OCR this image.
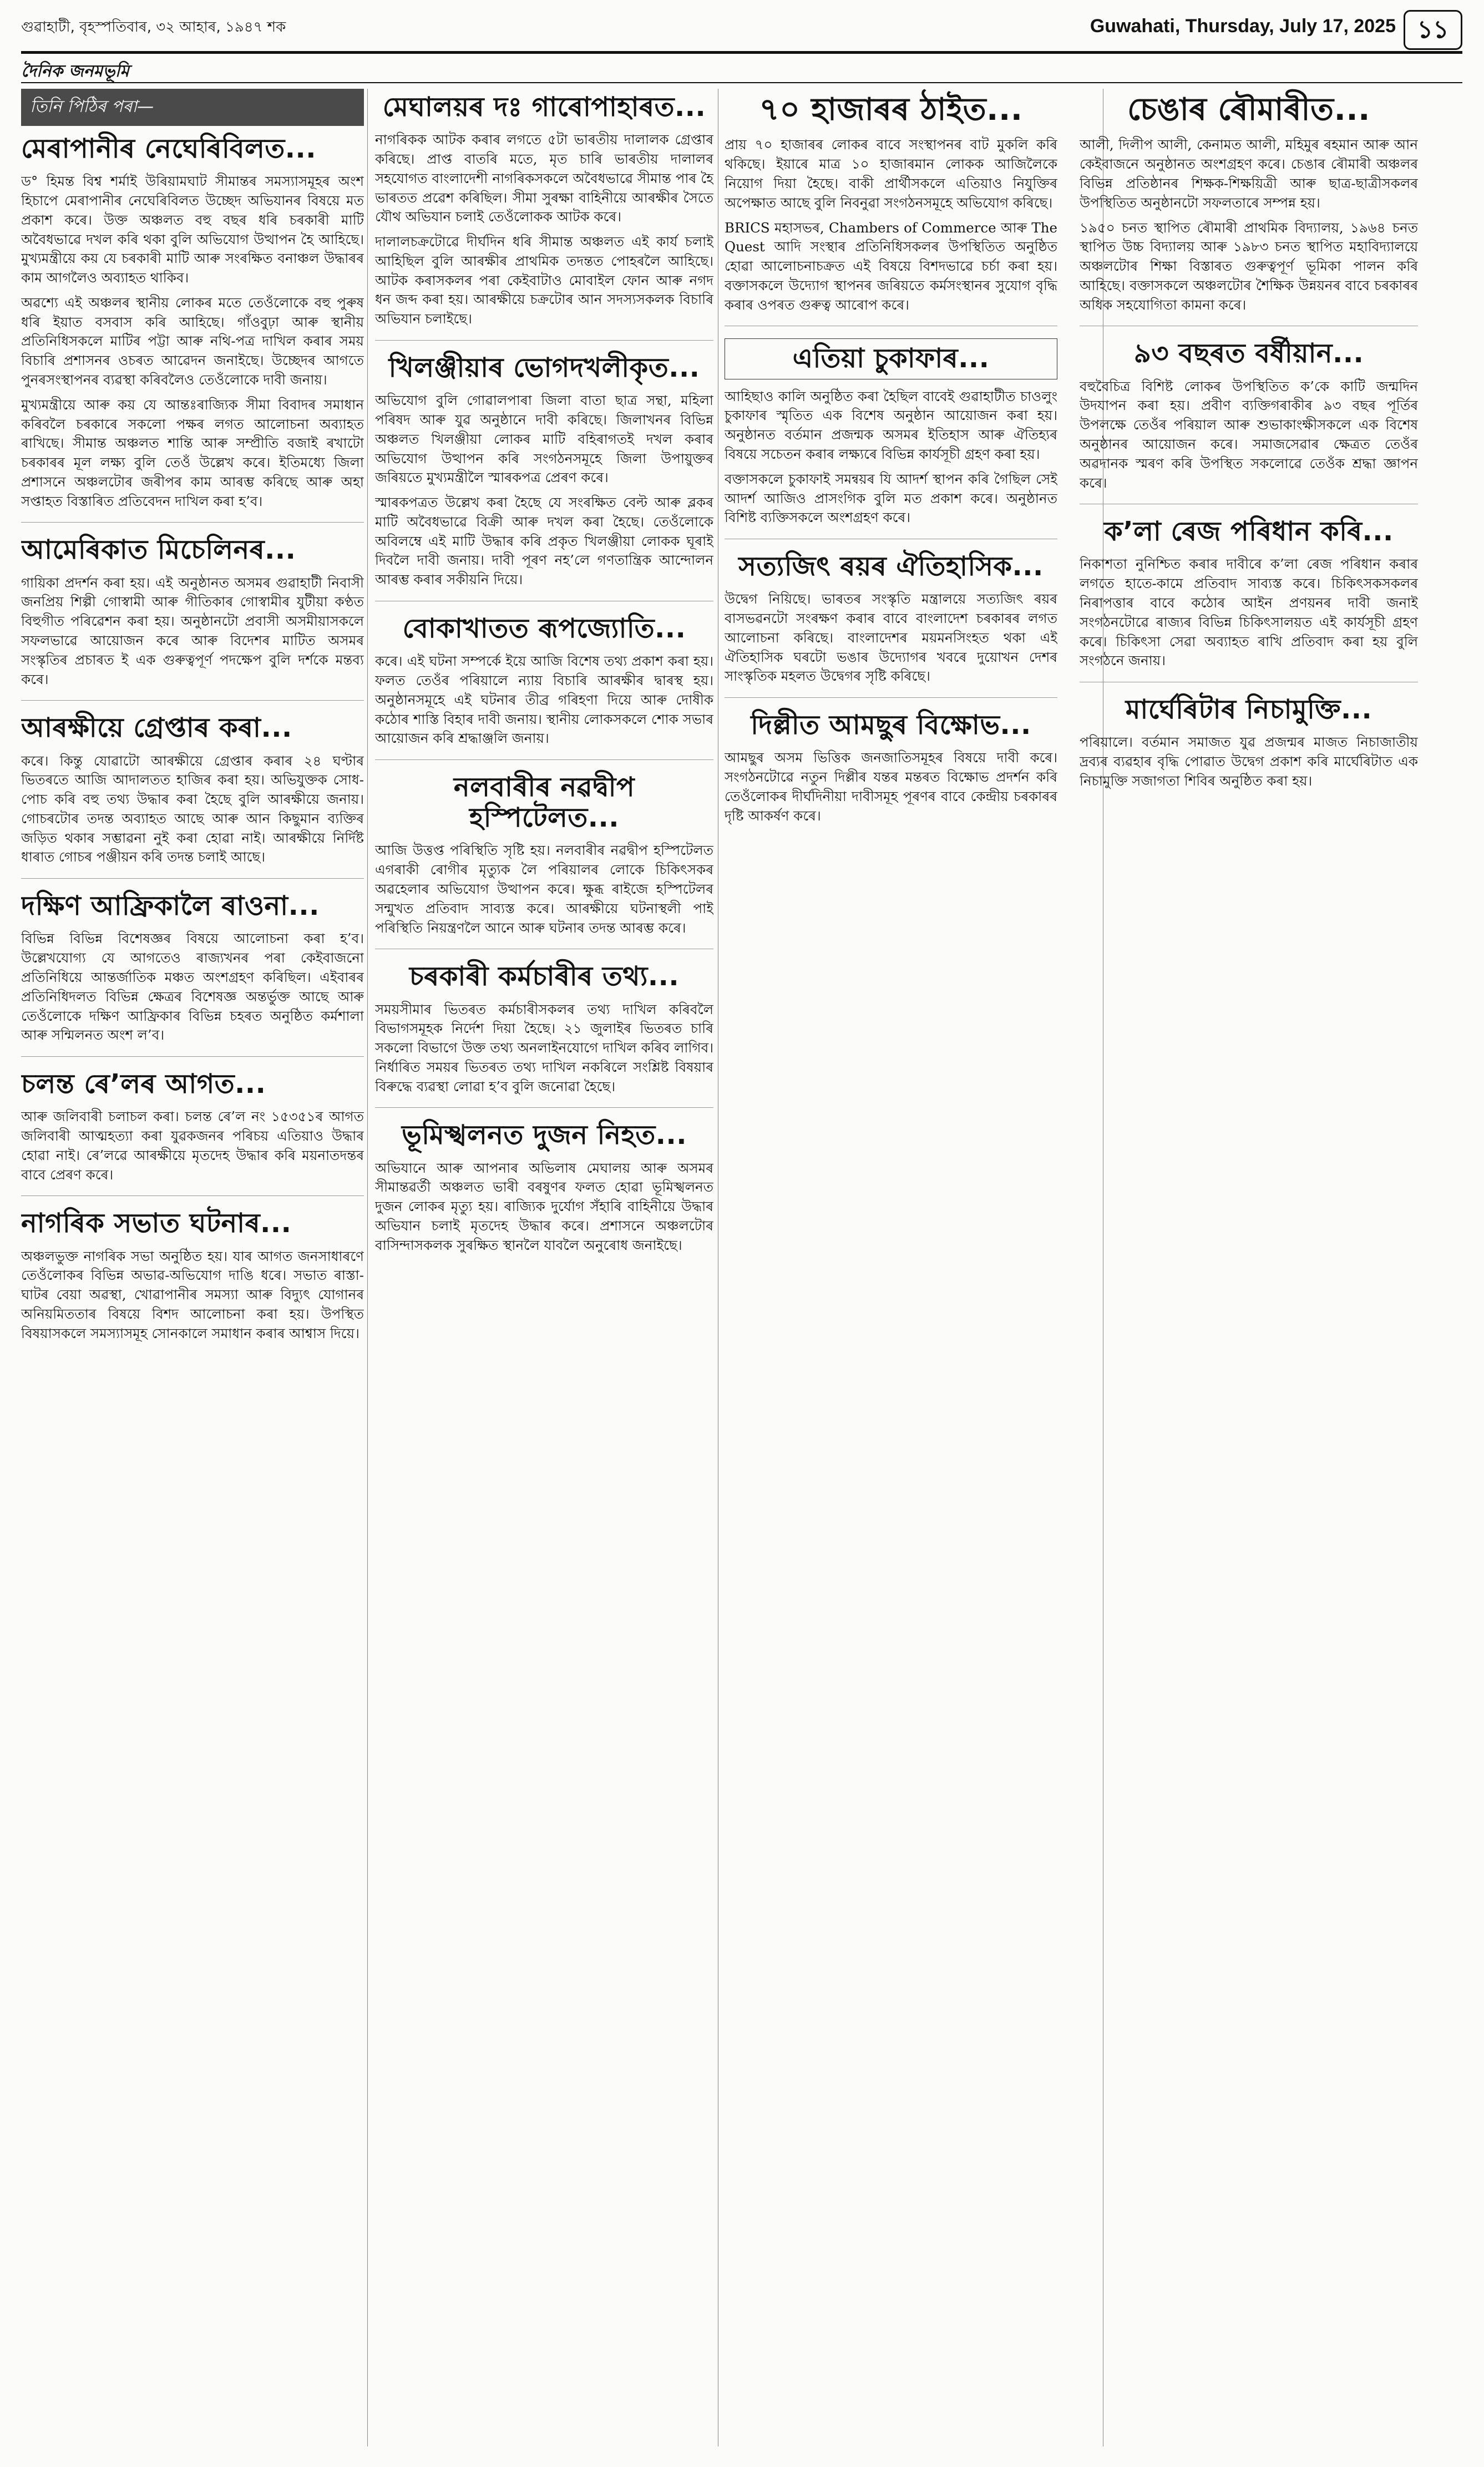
গুৱাহাটী, বৃহস্পতিবাৰ, ৩২ আহাৰ, ১৯৪৭ শক	Guwahati, Thursday, July 17, 2025 ১১
দৈনিক জনমভূমি
তিনি পিঠিৰ পৰা—
মেৰাপানীৰ নেঘেৰিবিলত...

ড° হিমন্ত বিশ্ব শৰ্মাই উৰিয়ামঘাট সীমান্তৰ সমস্যাসমূহৰ অংশ হিচাপে মেৰাপানীৰ নেঘেৰিবিলত উচ্ছেদ অভিযানৰ বিষয়ে মত প্ৰকাশ কৰে। উক্ত অঞ্চলত বহু বছৰ ধৰি চৰকাৰী মাটি অবৈধভাৱে দখল কৰি থকা বুলি অভিযোগ উত্থাপন হৈ আহিছে। মুখ্যমন্ত্ৰীয়ে কয় যে চৰকাৰী মাটি আৰু সংৰক্ষিত বনাঞ্চল উদ্ধাৰৰ কাম আগলৈও অব্যাহত থাকিব।

অৱশ্যে এই অঞ্চলৰ স্থানীয় লোকৰ মতে তেওঁলোকে বহু পুৰুষ ধৰি ইয়াত বসবাস কৰি আহিছে। গাঁওবুঢ়া আৰু স্থানীয় প্ৰতিনিধিসকলে মাটিৰ পট্টা আৰু নথি-পত্ৰ দাখিল কৰাৰ সময় বিচাৰি প্ৰশাসনৰ ওচৰত আৱেদন জনাইছে। উচ্ছেদৰ আগতে পুনৰসংস্থাপনৰ ব্যৱস্থা কৰিবলৈও তেওঁলোকে দাবী জনায়।

মুখ্যমন্ত্ৰীয়ে আৰু কয় যে আন্তঃৰাজ্যিক সীমা বিবাদৰ সমাধান কৰিবলৈ চৰকাৰে সকলো পক্ষৰ লগত আলোচনা অব্যাহত ৰাখিছে। সীমান্ত অঞ্চলত শান্তি আৰু সম্প্ৰীতি বজাই ৰখাটো চৰকাৰৰ মূল লক্ষ্য বুলি তেওঁ উল্লেখ কৰে। ইতিমধ্যে জিলা প্ৰশাসনে অঞ্চলটোৰ জৰীপৰ কাম আৰম্ভ কৰিছে আৰু অহা সপ্তাহত বিস্তাৰিত প্ৰতিবেদন দাখিল কৰা হ’ব।

আমেৰিকাত মিচেলিনৰ...

গায়িকা প্ৰদৰ্শন কৰা হয়। এই অনুষ্ঠানত অসমৰ গুৱাহাটী নিবাসী জনপ্ৰিয় শিল্পী গোস্বামী আৰু গীতিকাৰ গোস্বামীৰ যুটীয়া কণ্ঠত বিহুগীত পৰিৱেশন কৰা হয়। অনুষ্ঠানটো প্ৰবাসী অসমীয়াসকলে সফলভাৱে আয়োজন কৰে আৰু বিদেশৰ মাটিত অসমৰ সংস্কৃতিৰ প্ৰচাৰত ই এক গুৰুত্বপূৰ্ণ পদক্ষেপ বুলি দৰ্শকে মন্তব্য কৰে।

আৰক্ষীয়ে গ্ৰেপ্তাৰ কৰা...

কৰে। কিন্তু যোৱাটো আৰক্ষীয়ে গ্ৰেপ্তাৰ কৰাৰ ২৪ ঘণ্টাৰ ভিতৰতে আজি আদালতত হাজিৰ কৰা হয়। অভিযুক্তক সোধ-পোচ কৰি বহু তথ্য উদ্ধাৰ কৰা হৈছে বুলি আৰক্ষীয়ে জনায়। গোচৰটোৰ তদন্ত অব্যাহত আছে আৰু আন কিছুমান ব্যক্তিৰ জড়িত থকাৰ সম্ভাৱনা নুই কৰা হোৱা নাই। আৰক্ষীয়ে নিৰ্দিষ্ট ধাৰাত গোচৰ পঞ্জীয়ন কৰি তদন্ত চলাই আছে।

দক্ষিণ আফ্ৰিকালৈ ৰাওনা...

বিভিন্ন বিভিন্ন বিশেষজ্ঞৰ বিষয়ে আলোচনা কৰা হ’ব। উল্লেখযোগ্য যে আগতেও ৰাজ্যখনৰ পৰা কেইবাজনো প্ৰতিনিধিয়ে আন্তৰ্জাতিক মঞ্চত অংশগ্ৰহণ কৰিছিল। এইবাৰৰ প্ৰতিনিধিদলত বিভিন্ন ক্ষেত্ৰৰ বিশেষজ্ঞ অন্তৰ্ভুক্ত আছে আৰু তেওঁলোকে দক্ষিণ আফ্ৰিকাৰ বিভিন্ন চহৰত অনুষ্ঠিত কৰ্মশালা আৰু সন্মিলনত অংশ ল’ব।

চলন্ত ৰে’লৰ আগত...

আৰু জলিবাৰী চলাচল কৰা। চলন্ত ৰে’ল নং ১৫৩৫১ৰ আগত জলিবাৰী আত্মহত্যা কৰা যুৱকজনৰ পৰিচয় এতিয়াও উদ্ধাৰ হোৱা নাই। ৰে’লৱে আৰক্ষীয়ে মৃতদেহ উদ্ধাৰ কৰি ময়নাতদন্তৰ বাবে প্ৰেৰণ কৰে।

নাগৰিক সভাত ঘটনাৰ...

অঞ্চলভুক্ত নাগৰিক সভা অনুষ্ঠিত হয়। যাৰ আগত জনসাধাৰণে তেওঁলোকৰ বিভিন্ন অভাৱ-অভিযোগ দাঙি ধৰে। সভাত ৰাস্তা-ঘাটৰ বেয়া অৱস্থা, খোৱাপানীৰ সমস্যা আৰু বিদ্যুৎ যোগানৰ অনিয়মিততাৰ বিষয়ে বিশদ আলোচনা কৰা হয়। উপস্থিত বিষয়াসকলে সমস্যাসমূহ সোনকালে সমাধান কৰাৰ আশ্বাস দিয়ে।

মেঘালয়ৰ দঃ গাৰোপাহাৰত...

নাগৰিকক আটক কৰাৰ লগতে ৫টা ভাৰতীয় দালালক গ্ৰেপ্তাৰ কৰিছে। প্ৰাপ্ত বাতৰি মতে, মৃত চাৰি ভাৰতীয় দালালৰ সহযোগত বাংলাদেশী নাগৰিকসকলে অবৈধভাৱে সীমান্ত পাৰ হৈ ভাৰতত প্ৰৱেশ কৰিছিল। সীমা সুৰক্ষা বাহিনীয়ে আৰক্ষীৰ সৈতে যৌথ অভিযান চলাই তেওঁলোকক আটক কৰে।

দালালচক্ৰটোৱে দীৰ্ঘদিন ধৰি সীমান্ত অঞ্চলত এই কাৰ্য চলাই আহিছিল বুলি আৰক্ষীৰ প্ৰাথমিক তদন্তত পোহৰলৈ আহিছে। আটক কৰাসকলৰ পৰা কেইবাটাও মোবাইল ফোন আৰু নগদ ধন জব্দ কৰা হয়। আৰক্ষীয়ে চক্ৰটোৰ আন সদস্যসকলক বিচাৰি অভিযান চলাইছে।

খিলঞ্জীয়াৰ ভোগদখলীকৃত...

অভিযোগ বুলি গোৱালপাৰা জিলা বাতা ছাত্ৰ সন্থা, মহিলা পৰিষদ আৰু যুৱ অনুষ্ঠানে দাবী কৰিছে। জিলাখনৰ বিভিন্ন অঞ্চলত খিলঞ্জীয়া লোকৰ মাটি বহিৰাগতই দখল কৰাৰ অভিযোগ উত্থাপন কৰি সংগঠনসমূহে জিলা উপায়ুক্তৰ জৰিয়তে মুখ্যমন্ত্ৰীলৈ স্মাৰকপত্ৰ প্ৰেৰণ কৰে।

স্মাৰকপত্ৰত উল্লেখ কৰা হৈছে যে সংৰক্ষিত বেল্ট আৰু ব্লকৰ মাটি অবৈধভাৱে বিক্ৰী আৰু দখল কৰা হৈছে। তেওঁলোকে অবিলম্বে এই মাটি উদ্ধাৰ কৰি প্ৰকৃত খিলঞ্জীয়া লোকক ঘূৰাই দিবলৈ দাবী জনায়। দাবী পূৰণ নহ’লে গণতান্ত্ৰিক আন্দোলন আৰম্ভ কৰাৰ সকীয়নি দিয়ে।

বোকাখাতত ৰূপজ্যোতি...

কৰে। এই ঘটনা সম্পৰ্কে ইয়ে আজি বিশেষ তথ্য প্ৰকাশ কৰা হয়। ফলত তেওঁৰ পৰিয়ালে ন্যায় বিচাৰি আৰক্ষীৰ দ্বাৰস্থ হয়। অনুষ্ঠানসমূহে এই ঘটনাৰ তীব্ৰ গৰিহণা দিয়ে আৰু দোষীক কঠোৰ শাস্তি বিহাৰ দাবী জনায়। স্থানীয় লোকসকলে শোক সভাৰ আয়োজন কৰি শ্ৰদ্ধাঞ্জলি জনায়।

নলবাৰীৰ নৱদ্বীপ হস্পিটেলত...

আজি উত্তপ্ত পৰিস্থিতি সৃষ্টি হয়। নলবাৰীৰ নৱদ্বীপ হস্পিটেলত এগৰাকী ৰোগীৰ মৃত্যুক লৈ পৰিয়ালৰ লোকে চিকিৎসকৰ অৱহেলাৰ অভিযোগ উত্থাপন কৰে। ক্ষুব্ধ ৰাইজে হস্পিটেলৰ সন্মুখত প্ৰতিবাদ সাব্যস্ত কৰে। আৰক্ষীয়ে ঘটনাস্থলী পাই পৰিস্থিতি নিয়ন্ত্ৰণলৈ আনে আৰু ঘটনাৰ তদন্ত আৰম্ভ কৰে।

চৰকাৰী কৰ্মচাৰীৰ তথ্য...

সময়সীমাৰ ভিতৰত কৰ্মচাৰীসকলৰ তথ্য দাখিল কৰিবলৈ বিভাগসমূহক নিৰ্দেশ দিয়া হৈছে। ২১ জুলাইৰ ভিতৰত চাৰি সকলো বিভাগে উক্ত তথ্য অনলাইনযোগে দাখিল কৰিব লাগিব। নিৰ্ধাৰিত সময়ৰ ভিতৰত তথ্য দাখিল নকৰিলে সংশ্লিষ্ট বিষয়াৰ বিৰুদ্ধে ব্যৱস্থা লোৱা হ’ব বুলি জনোৱা হৈছে।

ভূমিস্খলনত দুজন নিহত...

অভিযানে আৰু আপনাৰ অভিলাষ মেঘালয় আৰু অসমৰ সীমান্তৱৰ্তী অঞ্চলত ভাৰী বৰষুণৰ ফলত হোৱা ভূমিস্খলনত দুজন লোকৰ মৃত্যু হয়। ৰাজ্যিক দুৰ্যোগ সঁহাৰি বাহিনীয়ে উদ্ধাৰ অভিযান চলাই মৃতদেহ উদ্ধাৰ কৰে। প্ৰশাসনে অঞ্চলটোৰ বাসিন্দাসকলক সুৰক্ষিত স্থানলৈ যাবলৈ অনুৰোধ জনাইছে।

৭০ হাজাৰৰ ঠাইত...

প্ৰায় ৭০ হাজাৰৰ লোকৰ বাবে সংস্থাপনৰ বাট মুকলি কৰি থকিছে। ইয়াৰে মাত্ৰ ১০ হাজাৰমান লোকক আজিলৈকে নিয়োগ দিয়া হৈছে। বাকী প্ৰাৰ্থীসকলে এতিয়াও নিযুক্তিৰ অপেক্ষাত আছে বুলি নিবনুৱা সংগঠনসমূহে অভিযোগ কৰিছে।

BRICS মহাসভৰ, Chambers of Commerce আৰু The Quest আদি সংস্থাৰ প্ৰতিনিধিসকলৰ উপস্থিতিত অনুষ্ঠিত হোৱা আলোচনাচক্ৰত এই বিষয়ে বিশদভাৱে চৰ্চা কৰা হয়। বক্তাসকলে উদ্যোগ স্থাপনৰ জৰিয়তে কৰ্মসংস্থানৰ সুযোগ বৃদ্ধি কৰাৰ ওপৰত গুৰুত্ব আৰোপ কৰে।

এতিয়া চুকাফাৰ...

আহিছাও কালি অনুষ্ঠিত কৰা হৈছিল বাবেই গুৱাহাটীত চাওলুং চুকাফাৰ স্মৃতিত এক বিশেষ অনুষ্ঠান আয়োজন কৰা হয়। অনুষ্ঠানত বৰ্তমান প্ৰজন্মক অসমৰ ইতিহাস আৰু ঐতিহ্যৰ বিষয়ে সচেতন কৰাৰ লক্ষ্যৰে বিভিন্ন কাৰ্যসূচী গ্ৰহণ কৰা হয়।

বক্তাসকলে চুকাফাই সমন্বয়ৰ যি আদৰ্শ স্থাপন কৰি গৈছিল সেই আদৰ্শ আজিও প্ৰাসংগিক বুলি মত প্ৰকাশ কৰে। অনুষ্ঠানত বিশিষ্ট ব্যক্তিসকলে অংশগ্ৰহণ কৰে।

সত্যজিৎ ৰয়ৰ ঐতিহাসিক...

উদ্বেগ নিয়িছে। ভাৰতৰ সংস্কৃতি মন্ত্ৰালয়ে সত্যজিৎ ৰয়ৰ বাসভৱনটো সংৰক্ষণ কৰাৰ বাবে বাংলাদেশ চৰকাৰৰ লগত আলোচনা কৰিছে। বাংলাদেশৰ ময়মনসিংহত থকা এই ঐতিহাসিক ঘৰটো ভঙাৰ উদ্যোগৰ খবৰে দুয়োখন দেশৰ সাংস্কৃতিক মহলত উদ্বেগৰ সৃষ্টি কৰিছে।

দিল্লীত আমছুৰ বিক্ষোভ...

আমছুৰ অসম ভিত্তিক জনজাতিসমূহৰ বিষয়ে দাবী কৰে। সংগঠনটোৱে নতুন দিল্লীৰ যন্তৰ মন্তৰত বিক্ষোভ প্ৰদৰ্শন কৰি তেওঁলোকৰ দীৰ্ঘদিনীয়া দাবীসমূহ পূৰণৰ বাবে কেন্দ্ৰীয় চৰকাৰৰ দৃষ্টি আকৰ্ষণ কৰে।

চেঙাৰ ৰৌমাৰীত...

আলী, দিলীপ আলী, কেনামত আলী, মহিমুৰ ৰহমান আৰু আন কেইবাজনে অনুষ্ঠানত অংশগ্ৰহণ কৰে। চেঙাৰ ৰৌমাৰী অঞ্চলৰ বিভিন্ন প্ৰতিষ্ঠানৰ শিক্ষক-শিক্ষয়িত্ৰী আৰু ছাত্ৰ-ছাত্ৰীসকলৰ উপস্থিতিত অনুষ্ঠানটো সফলতাৰে সম্পন্ন হয়।

১৯৫০ চনত স্থাপিত ৰৌমাৰী প্ৰাথমিক বিদ্যালয়, ১৯৬৪ চনত স্থাপিত উচ্চ বিদ্যালয় আৰু ১৯৮৩ চনত স্থাপিত মহাবিদ্যালয়ে অঞ্চলটোৰ শিক্ষা বিস্তাৰত গুৰুত্বপূৰ্ণ ভূমিকা পালন কৰি আহিছে। বক্তাসকলে অঞ্চলটোৰ শৈক্ষিক উন্নয়নৰ বাবে চৰকাৰৰ অধিক সহযোগিতা কামনা কৰে।

৯৩ বছৰত বৰ্ষীয়ান...

বহুবৈচিত্ৰ বিশিষ্ট লোকৰ উপস্থিতিত ক’কে কাটি জন্মদিন উদযাপন কৰা হয়। প্ৰবীণ ব্যক্তিগৰাকীৰ ৯৩ বছৰ পূৰ্তিৰ উপলক্ষে তেওঁৰ পৰিয়াল আৰু শুভাকাংক্ষীসকলে এক বিশেষ অনুষ্ঠানৰ আয়োজন কৰে। সমাজসেৱাৰ ক্ষেত্ৰত তেওঁৰ অৱদানক স্মৰণ কৰি উপস্থিত সকলোৱে তেওঁক শ্ৰদ্ধা জ্ঞাপন কৰে।

ক’লা ৰেজ পৰিধান কৰি...

নিকাশতা নুনিশ্চিত কৰাৰ দাবীৰে ক’লা ৰেজ পৰিধান কৰাৰ লগতে হাতে-কামে প্ৰতিবাদ সাব্যস্ত কৰে। চিকিৎসকসকলৰ নিৰাপত্তাৰ বাবে কঠোৰ আইন প্ৰণয়নৰ দাবী জনাই সংগঠনটোৱে ৰাজ্যৰ বিভিন্ন চিকিৎসালয়ত এই কাৰ্যসূচী গ্ৰহণ কৰে। চিকিৎসা সেৱা অব্যাহত ৰাখি প্ৰতিবাদ কৰা হয় বুলি সংগঠনে জনায়।

মাৰ্ঘেৰিটাৰ নিচামুক্তি...

পৰিয়ালে। বৰ্তমান সমাজত যুৱ প্ৰজন্মৰ মাজত নিচাজাতীয় দ্ৰব্যৰ ব্যৱহাৰ বৃদ্ধি পোৱাত উদ্বেগ প্ৰকাশ কৰি মাৰ্ঘেৰিটাত এক নিচামুক্তি সজাগতা শিবিৰ অনুষ্ঠিত কৰা হয়।
